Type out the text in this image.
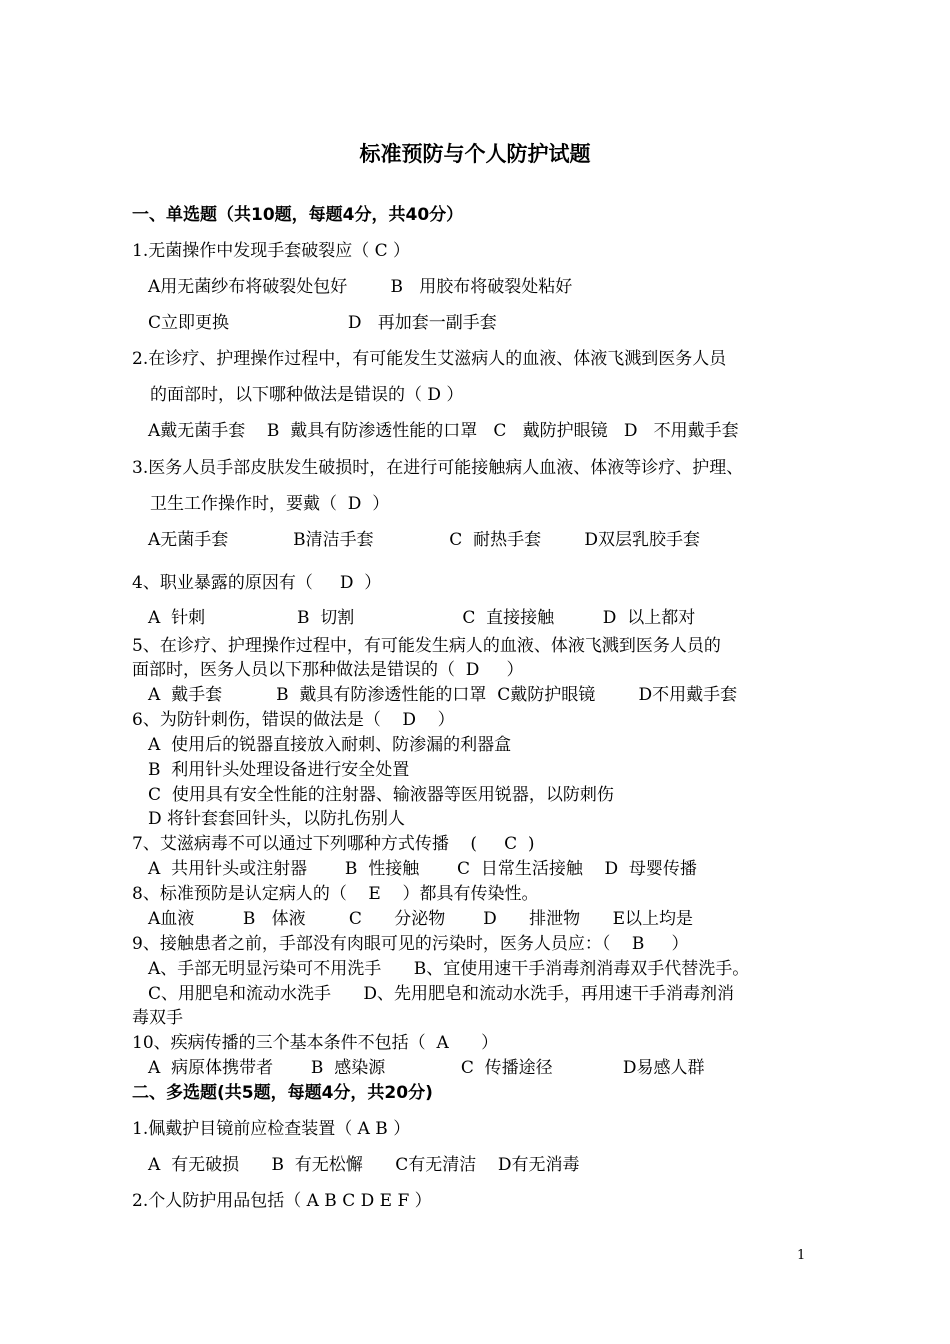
标准预防与个人防护试题
一、单选题（共10题，每题4分，共40分）
1.无菌操作中发现手套破裂应（ C ）
A用无菌纱布将破裂处包好        B   用胶布将破裂处粘好
C立即更换                      D   再加套一副手套
2.在诊疗、护理操作过程中，有可能发生艾滋病人的血液、体液飞溅到医务人员
的面部时，以下哪种做法是错误的（ D ）
A戴无菌手套    B  戴具有防渗透性能的口罩   C   戴防护眼镜   D   不用戴手套
3.医务人员手部皮肤发生破损时，在进行可能接触病人血液、体液等诊疗、护理、
卫生工作操作时，要戴（  D  ）
A无菌手套            B清洁手套              C  耐热手套        D双层乳胶手套
4、职业暴露的原因有（     D  ）
A  针刺                 B  切割                    C  直接接触         D  以上都对
5、在诊疗、护理操作过程中，有可能发生病人的血液、体液飞溅到医务人员的
面部时，医务人员以下那种做法是错误的（  D     ）
A  戴手套          B  戴具有防渗透性能的口罩  C戴防护眼镜        D不用戴手套
6、为防针刺伤，错误的做法是（    D    ）
A  使用后的锐器直接放入耐刺、防渗漏的利器盒
B  利用针头处理设备进行安全处置
C  使用具有安全性能的注射器、输液器等医用锐器，以防刺伤
D 将针套套回针头，以防扎伤别人
7、艾滋病毒不可以通过下列哪种方式传播    (     C  )
A  共用针头或注射器       B  性接触       C  日常生活接触    D  母婴传播
8、标准预防是认定病人的（    E    ）都具有传染性。
A血液         B   体液        C      分泌物       D      排泄物      E以上均是
9、接触患者之前，手部没有肉眼可见的污染时，医务人员应：（    B     ）
A、手部无明显污染可不用洗手      B、宜使用速干手消毒剂消毒双手代替洗手。
C、用肥皂和流动水洗手      D、先用肥皂和流动水洗手，再用速干手消毒剂消
毒双手
10、疾病传播的三个基本条件不包括（  A      ）
A  病原体携带者       B  感染源              C  传播途径             D易感人群
二、多选题(共5题，每题4分，共20分)
1.佩戴护目镜前应检查装置（ A B ）
A  有无破损      B  有无松懈      C有无清洁    D有无消毒
2.个人防护用品包括（ A B C D E F ）
1
